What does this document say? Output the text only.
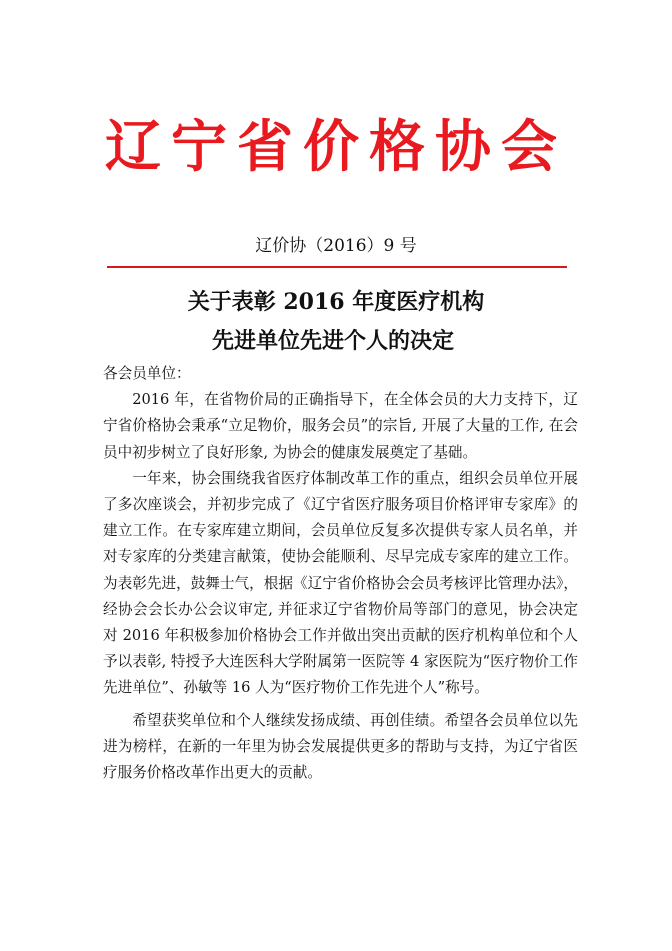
辽宁省价格协会
辽价协（2016）9 号
关于表彰 2016 年度医疗机构
先进单位先进个人的决定

各会员单位：

2016 年，在省物价局的正确指导下，在全体会员的大力支持下，辽宁省价格协会秉承“立足物价，服务会员”的宗旨, 开展了大量的工作, 在会员中初步树立了良好形象, 为协会的健康发展奠定了基础。

一年来，协会围绕我省医疗体制改革工作的重点，组织会员单位开展了多次座谈会，并初步完成了《辽宁省医疗服务项目价格评审专家库》的建立工作。在专家库建立期间，会员单位反复多次提供专家人员名单，并对专家库的分类建言献策，使协会能顺利、尽早完成专家库的建立工作。为表彰先进，鼓舞士气，根据《辽宁省价格协会会员考核评比管理办法》，经协会会长办公会议审定, 并征求辽宁省物价局等部门的意见，协会决定对 2016 年积极参加价格协会工作并做出突出贡献的医疗机构单位和个人予以表彰, 特授予大连医科大学附属第一医院等 4 家医院为“医疗物价工作先进单位”、孙敏等 16 人为“医疗物价工作先进个人”称号。

希望获奖单位和个人继续发扬成绩、再创佳绩。希望各会员单位以先进为榜样，在新的一年里为协会发展提供更多的帮助与支持，为辽宁省医疗服务价格改革作出更大的贡献。
